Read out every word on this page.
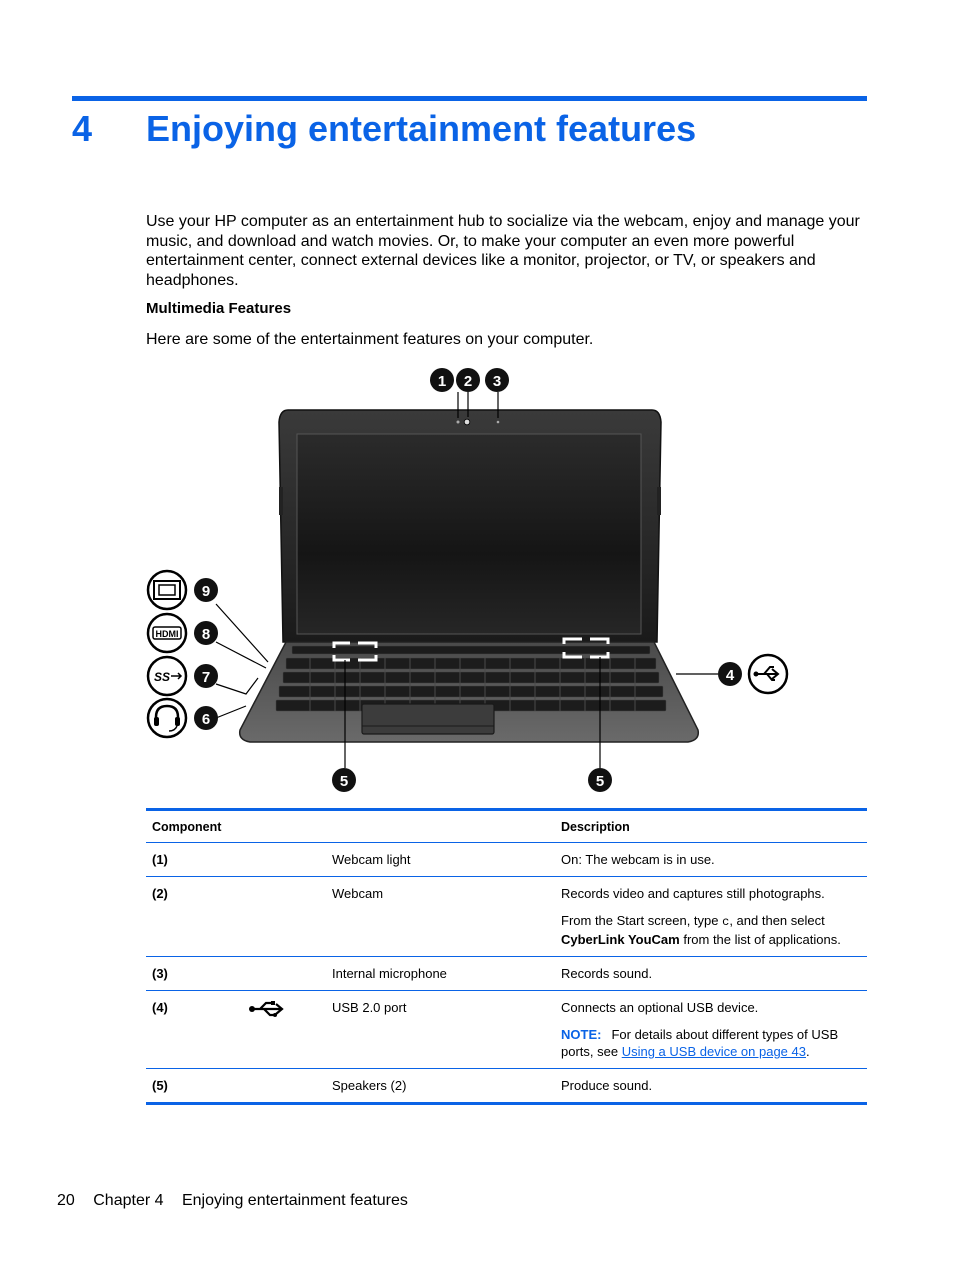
4 Enjoying entertainment features

Use your HP computer as an entertainment hub to socialize via the webcam, enjoy and manage your music, and download and watch movies. Or, to make your computer an even more powerful entertainment center, connect external devices like a monitor, projector, or TV, or speakers and headphones.

Multimedia Features

Here are some of the entertainment features on your computer.

1 2 3
4
5	5
6
7
8
9
HDMI
SS
Component			Description
(1)		Webcam light	On: The webcam is in use.
(2)		Webcam	Records video and captures still photographs.
From the Start screen, type c, and then select CyberLink YouCam from the list of applications.

(3)		Internal microphone	Records sound.
(4)		USB 2.0 port	Connects an optional USB device.
NOTE: For details about different types of USB ports, see Using a USB device on page 43.

(5)		Speakers (2)	Produce sound.
20 Chapter 4 Enjoying entertainment features
